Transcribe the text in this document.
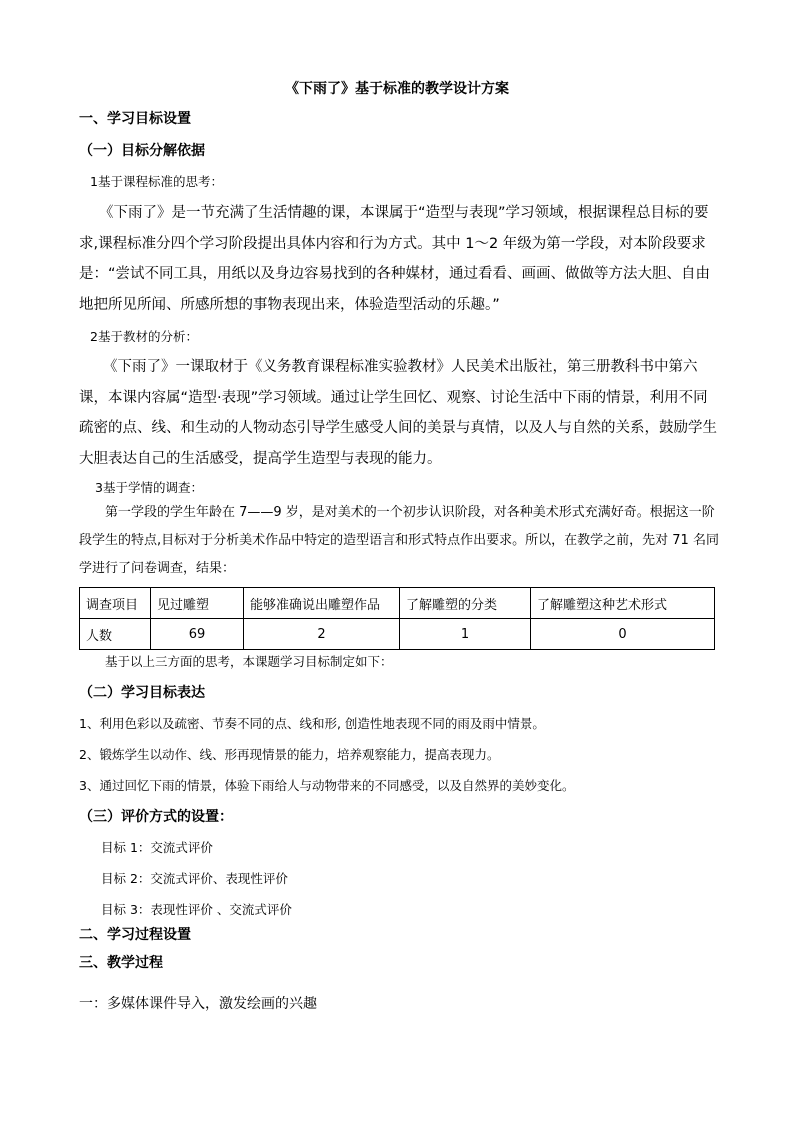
《下雨了》基于标准的教学设计方案
一、学习目标设置
（一）目标分解依据
1基于课程标准的思考：
《下雨了》是一节充满了生活情趣的课，本课属于“造型与表现”学习领域，根据课程总目标的要求,课程标准分四个学习阶段提出具体内容和行为方式。其中 1～2 年级为第一学段，对本阶段要求是：“尝试不同工具，用纸以及身边容易找到的各种媒材，通过看看、画画、做做等方法大胆、自由地把所见所闻、所感所想的事物表现出来，体验造型活动的乐趣。”
2基于教材的分析：
《下雨了》一课取材于《义务教育课程标准实验教材》人民美术出版社，第三册教科书中第六课，本课内容属“造型·表现”学习领域。通过让学生回忆、观察、讨论生活中下雨的情景，利用不同疏密的点、线、和生动的人物动态引导学生感受人间的美景与真情，以及人与自然的关系，鼓励学生大胆表达自己的生活感受，提高学生造型与表现的能力。
3基于学情的调查：
第一学段的学生年龄在 7——9 岁，是对美术的一个初步认识阶段，对各种美术形式充满好奇。根据这一阶段学生的特点,目标对于分析美术作品中特定的造型语言和形式特点作出要求。所以，在教学之前，先对 71 名同学进行了问卷调查，结果：
调查项目	见过雕塑	能够准确说出雕塑作品	了解雕塑的分类	了解雕塑这种艺术形式
人数	69	2	1	0
基于以上三方面的思考，本课题学习目标制定如下：
（二）学习目标表达
1、利用色彩以及疏密、节奏不同的点、线和形, 创造性地表现不同的雨及雨中情景。
2、锻炼学生以动作、线、形再现情景的能力，培养观察能力，提高表现力。
3、通过回忆下雨的情景，体验下雨给人与动物带来的不同感受，以及自然界的美妙变化。
（三）评价方式的设置：
目标 1：交流式评价
目标 2：交流式评价、表现性评价
目标 3：表现性评价 、交流式评价
二、学习过程设置
三、教学过程
一：多媒体课件导入，激发绘画的兴趣
